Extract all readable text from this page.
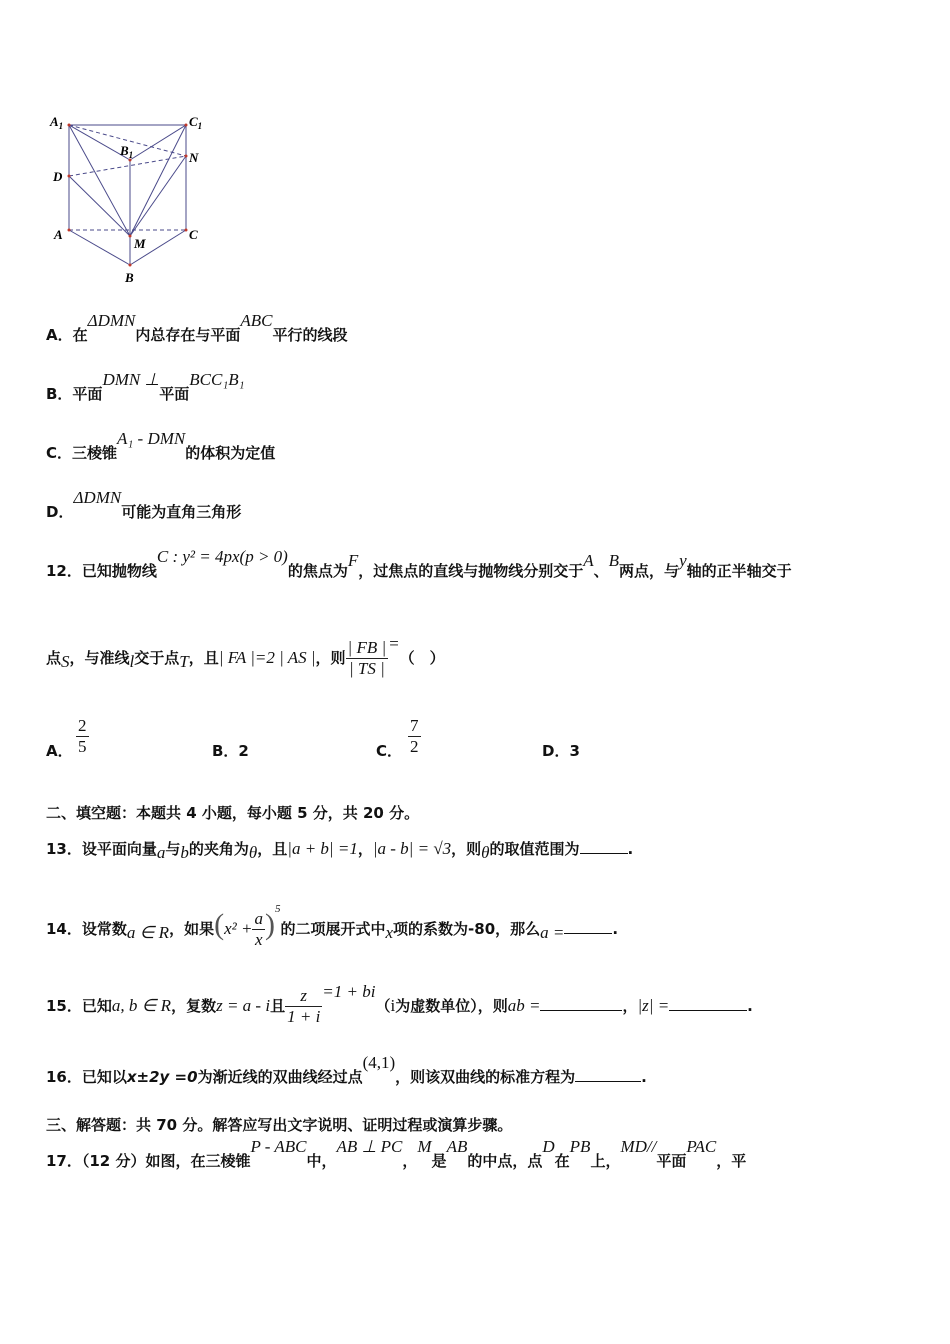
$A_1$	$C_1$
$B_1$	N
D
A
M
C
B
A．在ΔDMN内总存在与平面ABC平行的线段
B．平面DMN ⊥平面BCC₁B₁
C．三棱锥A₁ - DMN的体积为定值
D．ΔDMN可能为直角三角形
12．已知抛物线C : y² = 4px(p > 0)的焦点为F，过焦点的直线与抛物线分别交于A、B两点，与y轴的正半轴交于
点S，与准线l交于点T，且| FA |=2 | AS |，则 $\frac{| FB |}{| TS |}$ =（　）
A． $\frac{2}{5}$	B．2	C． $\frac{7}{2}$	D．3
二、填空题：本题共 4 小题，每小题 5 分，共 20 分。
13．设平面向量a与b的夹角为θ，且|a + b| =1，|a - b| = √3，则θ的取值范围为	.
14．设常数a ∈ R，如果$(x^2 + \frac{a}{x} )^5$的二项展开式中x项的系数为-80，那么a =	.
15．已知a, b ∈ R，复数z = a - i且 $\frac{z}{1 + i} =1 + bi(i$为虚数单位），则ab =	，|z| =	.
16．已知以x±2y =0为渐近线的双曲线经过点(4,1)，则该双曲线的标准方程为	.
三、解答题：共 70 分。解答应写出文字说明、证明过程或演算步骤。
17．（12 分）如图，在三棱锥P - ABC中，AB ⊥ PC，M是AB的中点，点D在PB上，MD//平面PAC，平
